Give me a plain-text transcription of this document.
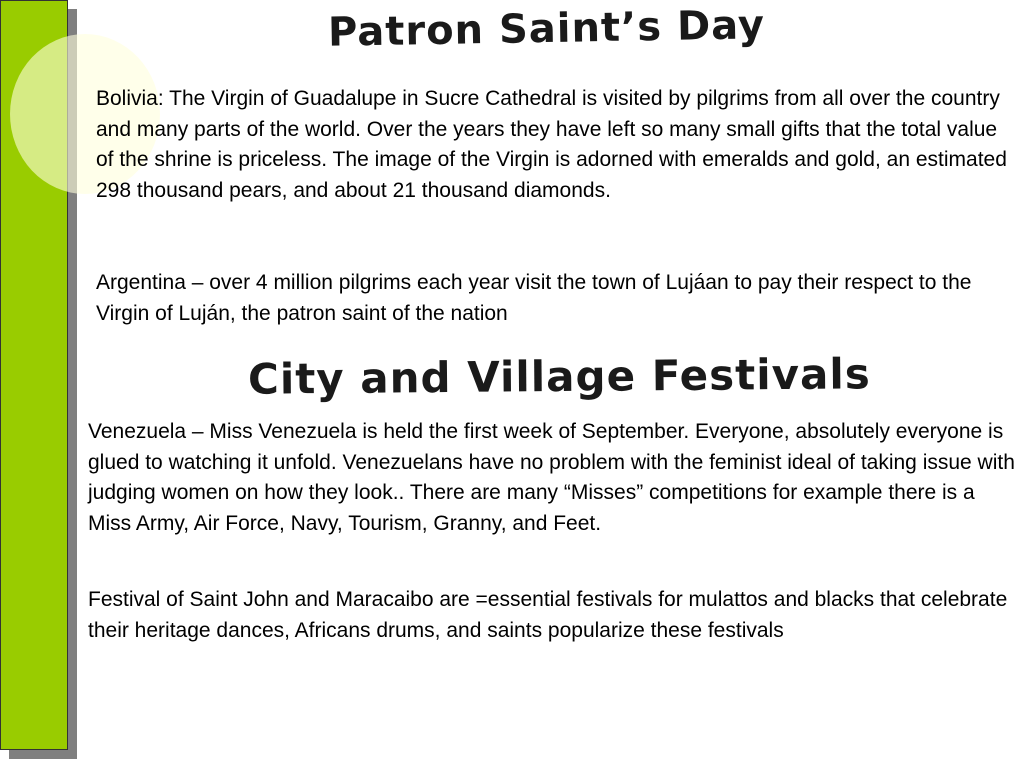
Patron Saint’s Day

Bolivia: The Virgin of Guadalupe in Sucre Cathedral is visited by pilgrims from all over the country and many parts of the world. Over the years they have left so many small gifts that the total value of the shrine is priceless. The image of the Virgin is adorned with emeralds and gold, an estimated 298 thousand pears, and about 21 thousand diamonds.

Argentina – over 4 million pilgrims each year visit the town of Lujáan to pay their respect to the Virgin of Luján, the patron saint of the nation

City and Village Festivals

Venezuela – Miss Venezuela is held the first week of September. Everyone, absolutely everyone is glued to watching it unfold. Venezuelans have no problem with the feminist ideal of taking issue with judging women on how they look.. There are many “Misses” competitions for example there is a Miss Army, Air Force, Navy, Tourism, Granny, and Feet.

Festival of Saint John and Maracaibo are =essential festivals for mulattos and blacks that celebrate their heritage dances, Africans drums, and saints popularize these festivals
